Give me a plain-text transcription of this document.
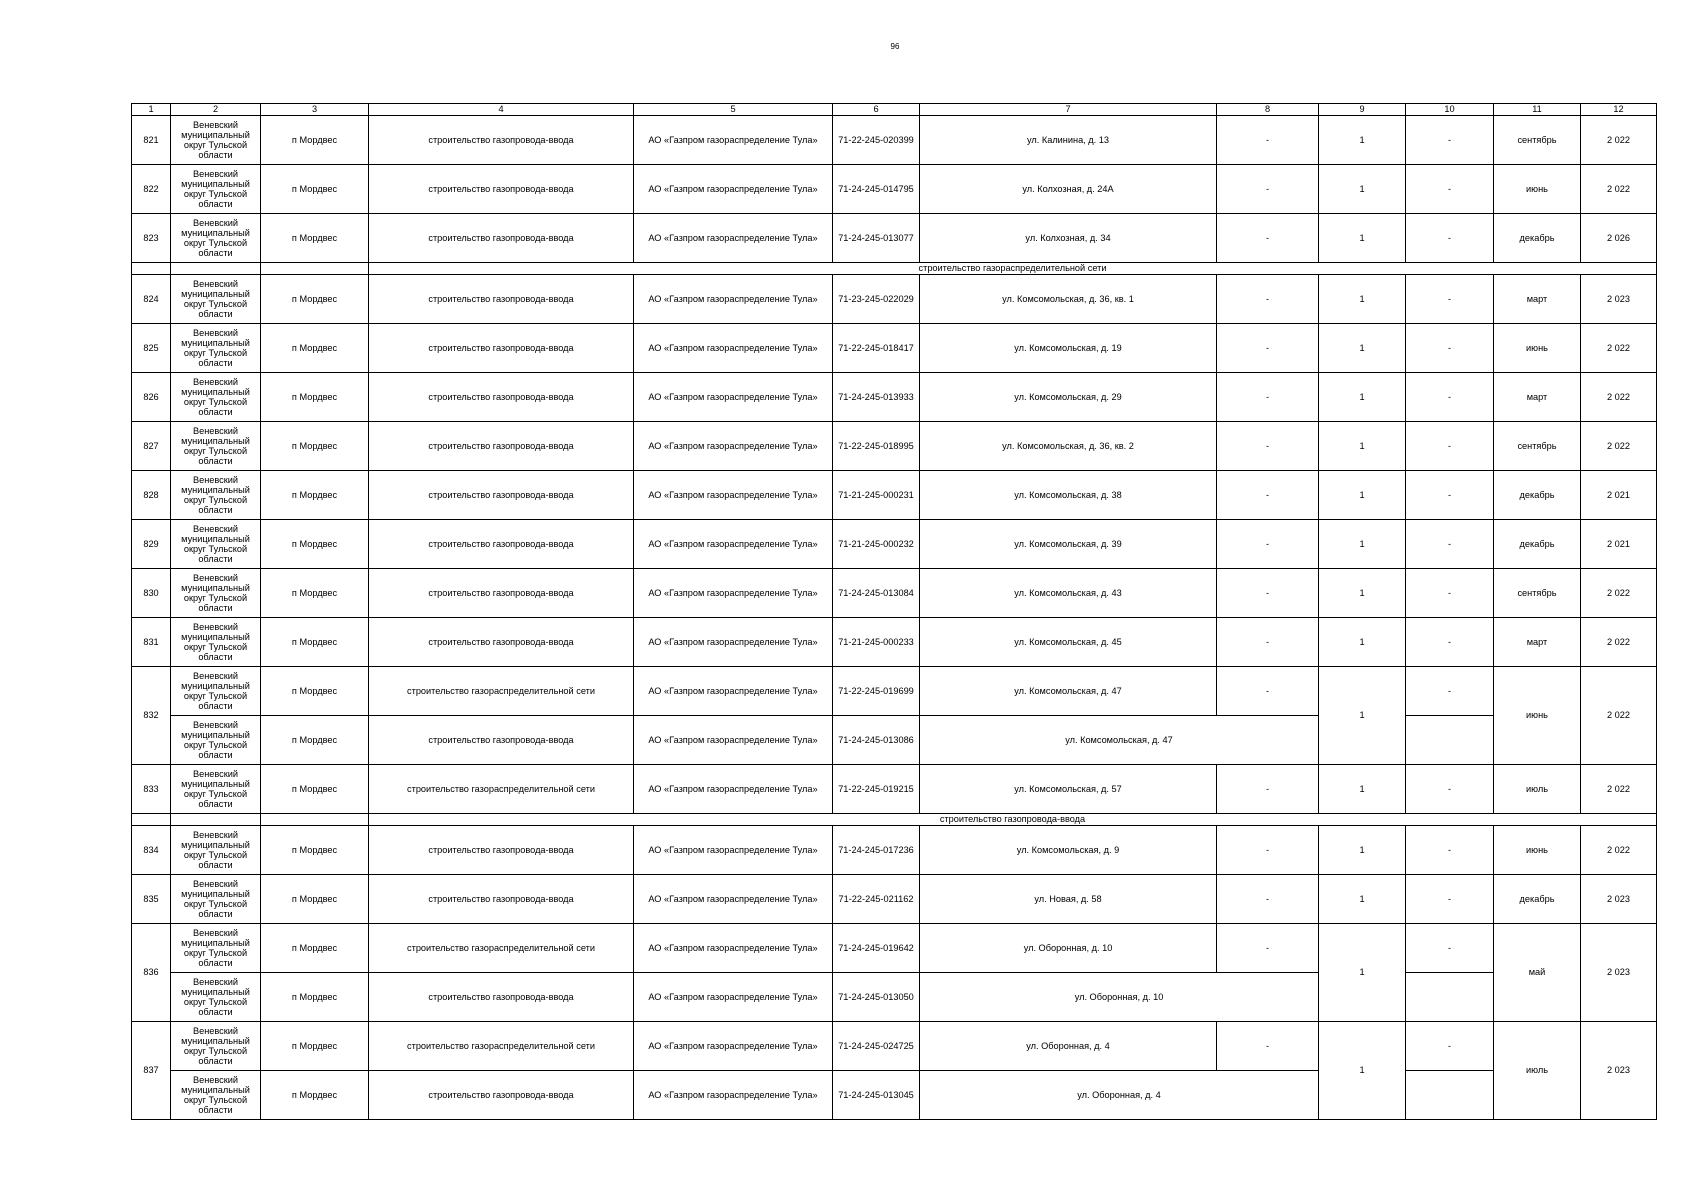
96
1	2	3	4	5	6	7	8	9	10	11	12
821	Веневский муниципальный округ Тульской области	п Мордвес	строительство газопровода-ввода	АО «Газпром газораспределение Тула»	71-22-245-020399	ул. Калинина, д. 13	-	1	-	сентябрь	2 022
822	Веневский муниципальный округ Тульской области	п Мордвес	строительство газопровода-ввода	АО «Газпром газораспределение Тула»	71-24-245-014795	ул. Колхозная, д. 24А	-	1	-	июнь	2 022
823	Веневский муниципальный округ Тульской области	п Мордвес	строительство газопровода-ввода	АО «Газпром газораспределение Тула»	71-24-245-013077	ул. Колхозная, д. 34	-	1	-	декабрь	2 026
			строительство газораспределительной сети								
824	Веневский муниципальный округ Тульской области	п Мордвес	строительство газопровода-ввода	АО «Газпром газораспределение Тула»	71-23-245-022029	ул. Комсомольская, д. 36, кв. 1	-	1	-	март	2 023
825	Веневский муниципальный округ Тульской области	п Мордвес	строительство газопровода-ввода	АО «Газпром газораспределение Тула»	71-22-245-018417	ул. Комсомольская, д. 19	-	1	-	июнь	2 022
826	Веневский муниципальный округ Тульской области	п Мордвес	строительство газопровода-ввода	АО «Газпром газораспределение Тула»	71-24-245-013933	ул. Комсомольская, д. 29	-	1	-	март	2 022
827	Веневский муниципальный округ Тульской области	п Мордвес	строительство газопровода-ввода	АО «Газпром газораспределение Тула»	71-22-245-018995	ул. Комсомольская, д. 36, кв. 2	-	1	-	сентябрь	2 022
828	Веневский муниципальный округ Тульской области	п Мордвес	строительство газопровода-ввода	АО «Газпром газораспределение Тула»	71-21-245-000231	ул. Комсомольская, д. 38	-	1	-	декабрь	2 021
829	Веневский муниципальный округ Тульской области	п Мордвес	строительство газопровода-ввода	АО «Газпром газораспределение Тула»	71-21-245-000232	ул. Комсомольская, д. 39	-	1	-	декабрь	2 021
830	Веневский муниципальный округ Тульской области	п Мордвес	строительство газопровода-ввода	АО «Газпром газораспределение Тула»	71-24-245-013084	ул. Комсомольская, д. 43	-	1	-	сентябрь	2 022
831	Веневский муниципальный округ Тульской области	п Мордвес	строительство газопровода-ввода	АО «Газпром газораспределение Тула»	71-21-245-000233	ул. Комсомольская, д. 45	-	1	-	март	2 022
832	Веневский муниципальный округ Тульской области	п Мордвес	строительство газораспределительной сети	АО «Газпром газораспределение Тула»	71-22-245-019699	ул. Комсомольская, д. 47	-	1	-	июнь	2 022
	Веневский муниципальный округ Тульской области	п Мордвес	строительство газопровода-ввода	АО «Газпром газораспределение Тула»	71-24-245-013086	ул. Комсомольская, д. 47					
833	Веневский муниципальный округ Тульской области	п Мордвес	строительство газораспределительной сети	АО «Газпром газораспределение Тула»	71-22-245-019215	ул. Комсомольская, д. 57	-	1	-	июль	2 022
			строительство газопровода-ввода								
834	Веневский муниципальный округ Тульской области	п Мордвес	строительство газопровода-ввода	АО «Газпром газораспределение Тула»	71-24-245-017236	ул. Комсомольская, д. 9	-	1	-	июнь	2 022
835	Веневский муниципальный округ Тульской области	п Мордвес	строительство газопровода-ввода	АО «Газпром газораспределение Тула»	71-22-245-021162	ул. Новая, д. 58	-	1	-	декабрь	2 023
836	Веневский муниципальный округ Тульской области	п Мордвес	строительство газораспределительной сети	АО «Газпром газораспределение Тула»	71-24-245-019642	ул. Оборонная, д. 10	-	1	-	май	2 023
	Веневский муниципальный округ Тульской области	п Мордвес	строительство газопровода-ввода	АО «Газпром газораспределение Тула»	71-24-245-013050	ул. Оборонная, д. 10					
837	Веневский муниципальный округ Тульской области	п Мордвес	строительство газораспределительной сети	АО «Газпром газораспределение Тула»	71-24-245-024725	ул. Оборонная, д. 4	-	1	-	июль	2 023
	Веневский муниципальный округ Тульской области	п Мордвес	строительство газопровода-ввода	АО «Газпром газораспределение Тула»	71-24-245-013045	ул. Оборонная, д. 4					
